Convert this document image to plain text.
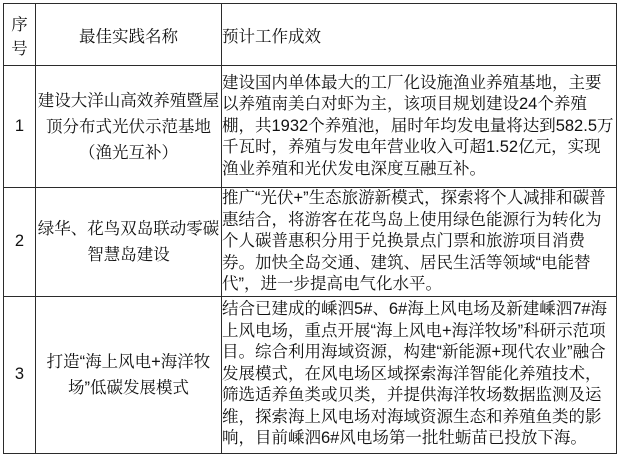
序号	最佳实践名称	预计工作成效
1	建设大洋山高效养殖暨屋顶分布式光伏示范基地（渔光互补）	建设国内单体最大的工厂化设施渔业养殖基地，主要以养殖南美白对虾为主，该项目规划建设24个养殖棚，共1932个养殖池，届时年均发电量将达到582.5万千瓦时，养殖与发电年营业收入可超1.52亿元，实现渔业养殖和光伏发电深度互融互补。
2	绿华、花鸟双岛联动零碳智慧岛建设	推广“光伏+”生态旅游新模式，探索将个人减排和碳普惠结合，将游客在花鸟岛上使用绿色能源行为转化为个人碳普惠积分用于兑换景点门票和旅游项目消费券。加快全岛交通、建筑、居民生活等领域“电能替代”，进一步提高电气化水平。
3	打造“海上风电+海洋牧场”低碳发展模式	结合已建成的嵊泗5#、6#海上风电场及新建嵊泗7#海上风电场，重点开展“海上风电+海洋牧场”科研示范项目。综合利用海域资源，构建“新能源+现代农业”融合发展模式，在风电场区域探索海洋智能化养殖技术，筛选适养鱼类或贝类，并提供海洋牧场数据监测及运维，探索海上风电场对海域资源生态和养殖鱼类的影响，目前嵊泗6#风电场第一批牡蛎苗已投放下海。
